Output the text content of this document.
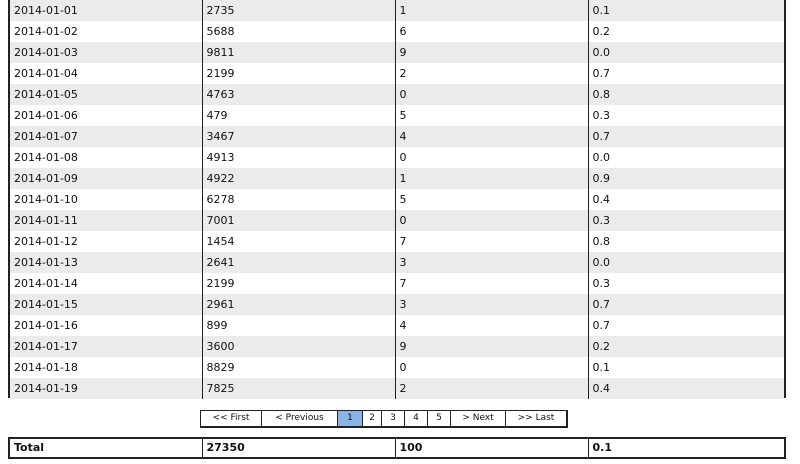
2014-01-01	2735	1	0.1
2014-01-02	5688	6	0.2
2014-01-03	9811	9	0.0
2014-01-04	2199	2	0.7
2014-01-05	4763	0	0.8
2014-01-06	479	5	0.3
2014-01-07	3467	4	0.7
2014-01-08	4913	0	0.0
2014-01-09	4922	1	0.9
2014-01-10	6278	5	0.4
2014-01-11	7001	0	0.3
2014-01-12	1454	7	0.8
2014-01-13	2641	3	0.0
2014-01-14	2199	7	0.3
2014-01-15	2961	3	0.7
2014-01-16	899	4	0.7
2014-01-17	3600	9	0.2
2014-01-18	8829	0	0.1
2014-01-19	7825	2	0.4
<< First	< Previous	1	2	3	4	5	> Next	>> Last
Total	27350	100	0.1
